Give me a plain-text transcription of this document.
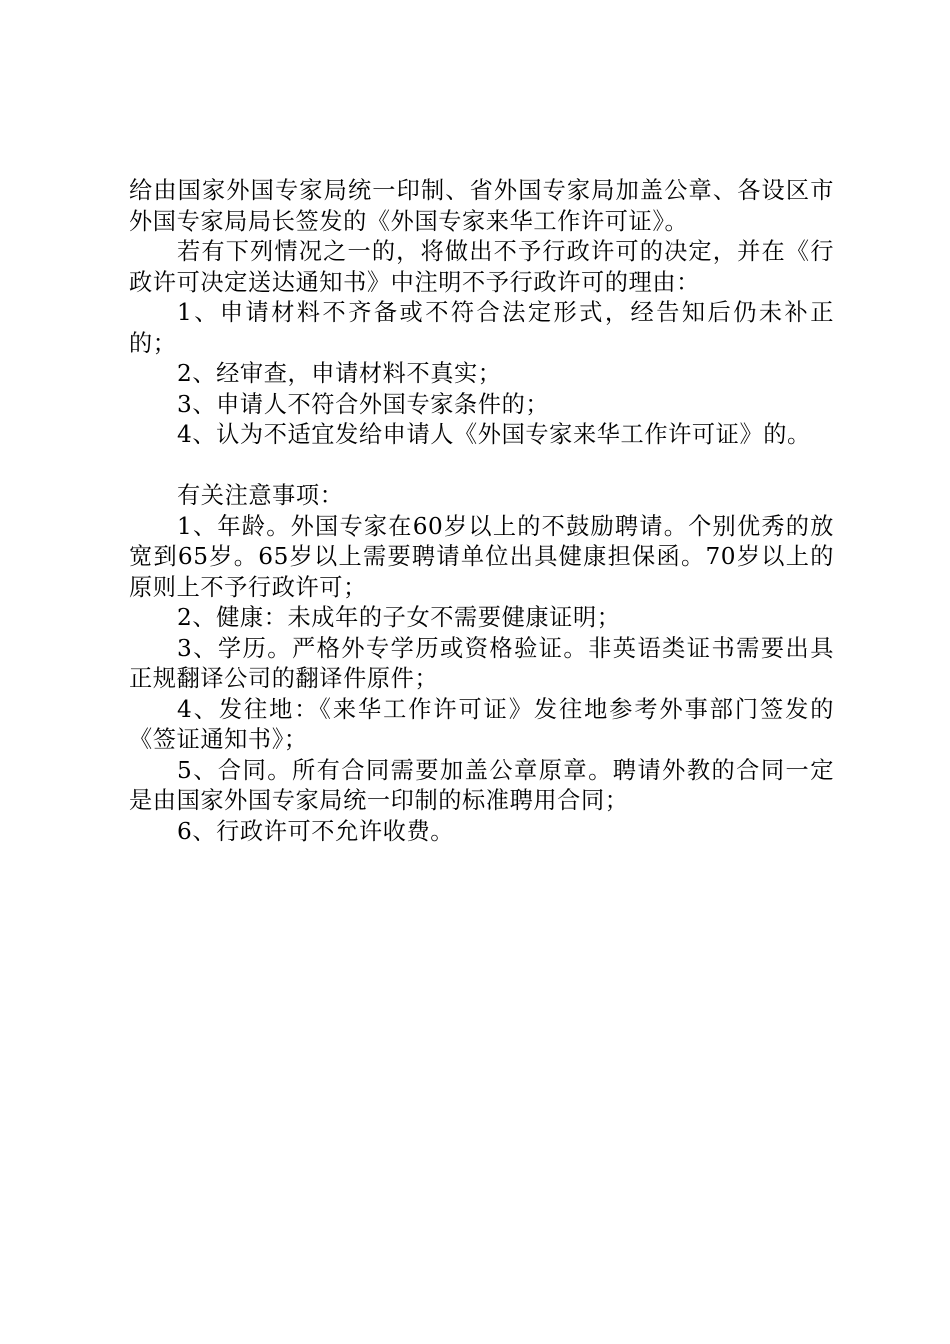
给由国家外国专家局统一印制、省外国专家局加盖公章、各设区市外国专家局局长签发的《外国专家来华工作许可证》。

若有下列情况之一的，将做出不予行政许可的决定，并在《行政许可决定送达通知书》中注明不予行政许可的理由：

1、申请材料不齐备或不符合法定形式，经告知后仍未补正的；

2、经审查，申请材料不真实；

3、申请人不符合外国专家条件的；

4、认为不适宜发给申请人《外国专家来华工作许可证》的。

有关注意事项：

1、年龄。外国专家在60岁以上的不鼓励聘请。个别优秀的放宽到65岁。65岁以上需要聘请单位出具健康担保函。70岁以上的原则上不予行政许可；

2、健康：未成年的子女不需要健康证明；

3、学历。严格外专学历或资格验证。非英语类证书需要出具正规翻译公司的翻译件原件；

4、发往地：《来华工作许可证》发往地参考外事部门签发的《签证通知书》；

5、合同。所有合同需要加盖公章原章。聘请外教的合同一定是由国家外国专家局统一印制的标准聘用合同；

6、行政许可不允许收费。
